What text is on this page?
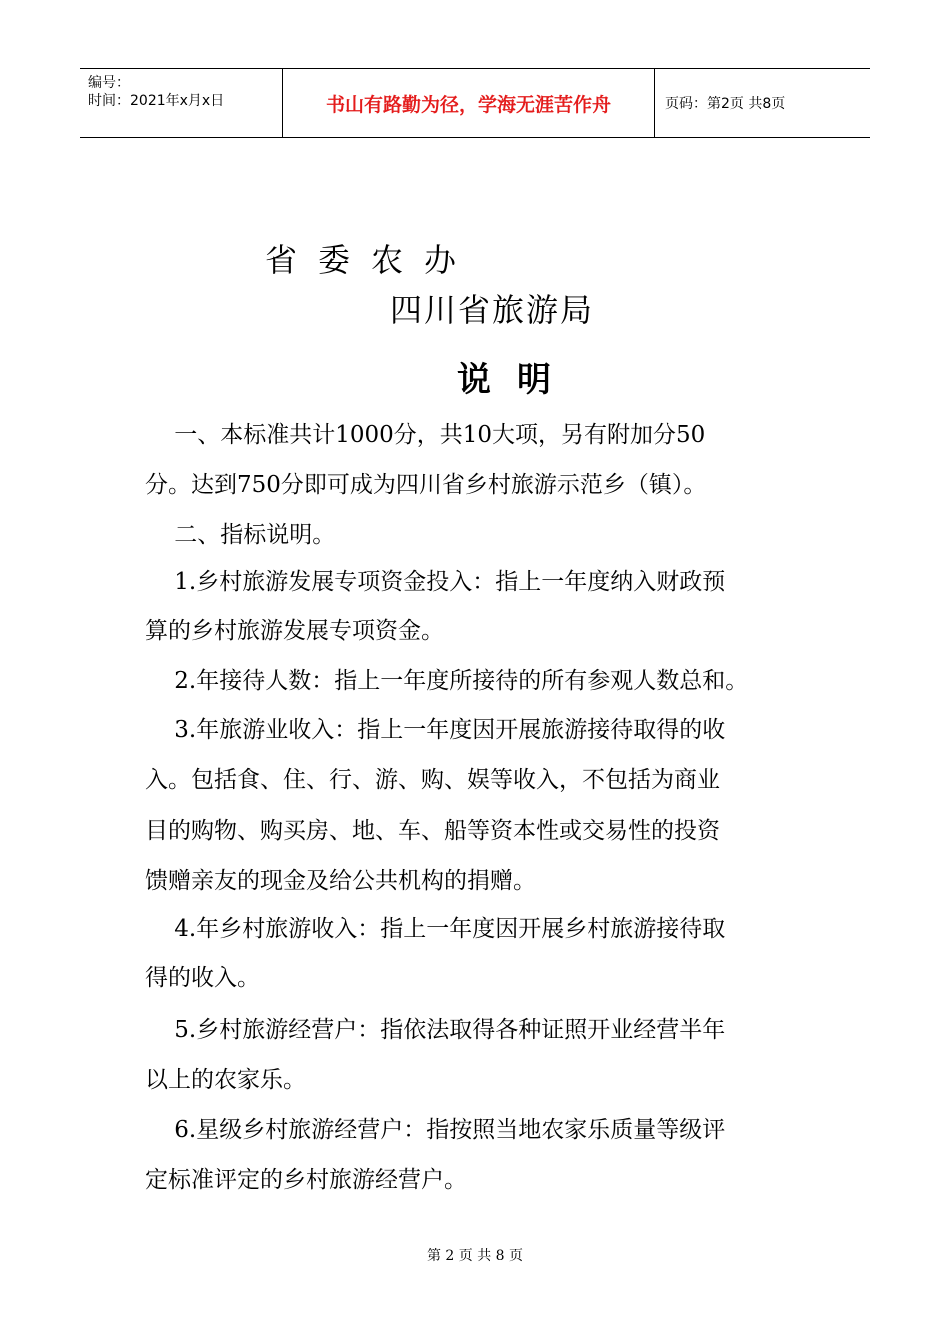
编号：
时间：2021年x月x日	书山有路勤为径，学海无涯苦作舟	页码：第2页 共8页
省委农办
四川省旅游局
说明
一、本标准共计1000分，共10大项，另有附加分50
分。达到750分即可成为四川省乡村旅游示范乡（镇）。
二、指标说明。
1.乡村旅游发展专项资金投入：指上一年度纳入财政预
算的乡村旅游发展专项资金。
2.年接待人数：指上一年度所接待的所有参观人数总和。
3.年旅游业收入：指上一年度因开展旅游接待取得的收
入。包括食、住、行、游、购、娱等收入，不包括为商业
目的购物、购买房、地、车、船等资本性或交易性的投资
馈赠亲友的现金及给公共机构的捐赠。
4.年乡村旅游收入：指上一年度因开展乡村旅游接待取
得的收入。
5.乡村旅游经营户：指依法取得各种证照开业经营半年
以上的农家乐。
6.星级乡村旅游经营户：指按照当地农家乐质量等级评
定标准评定的乡村旅游经营户。
第 2 页 共 8 页
